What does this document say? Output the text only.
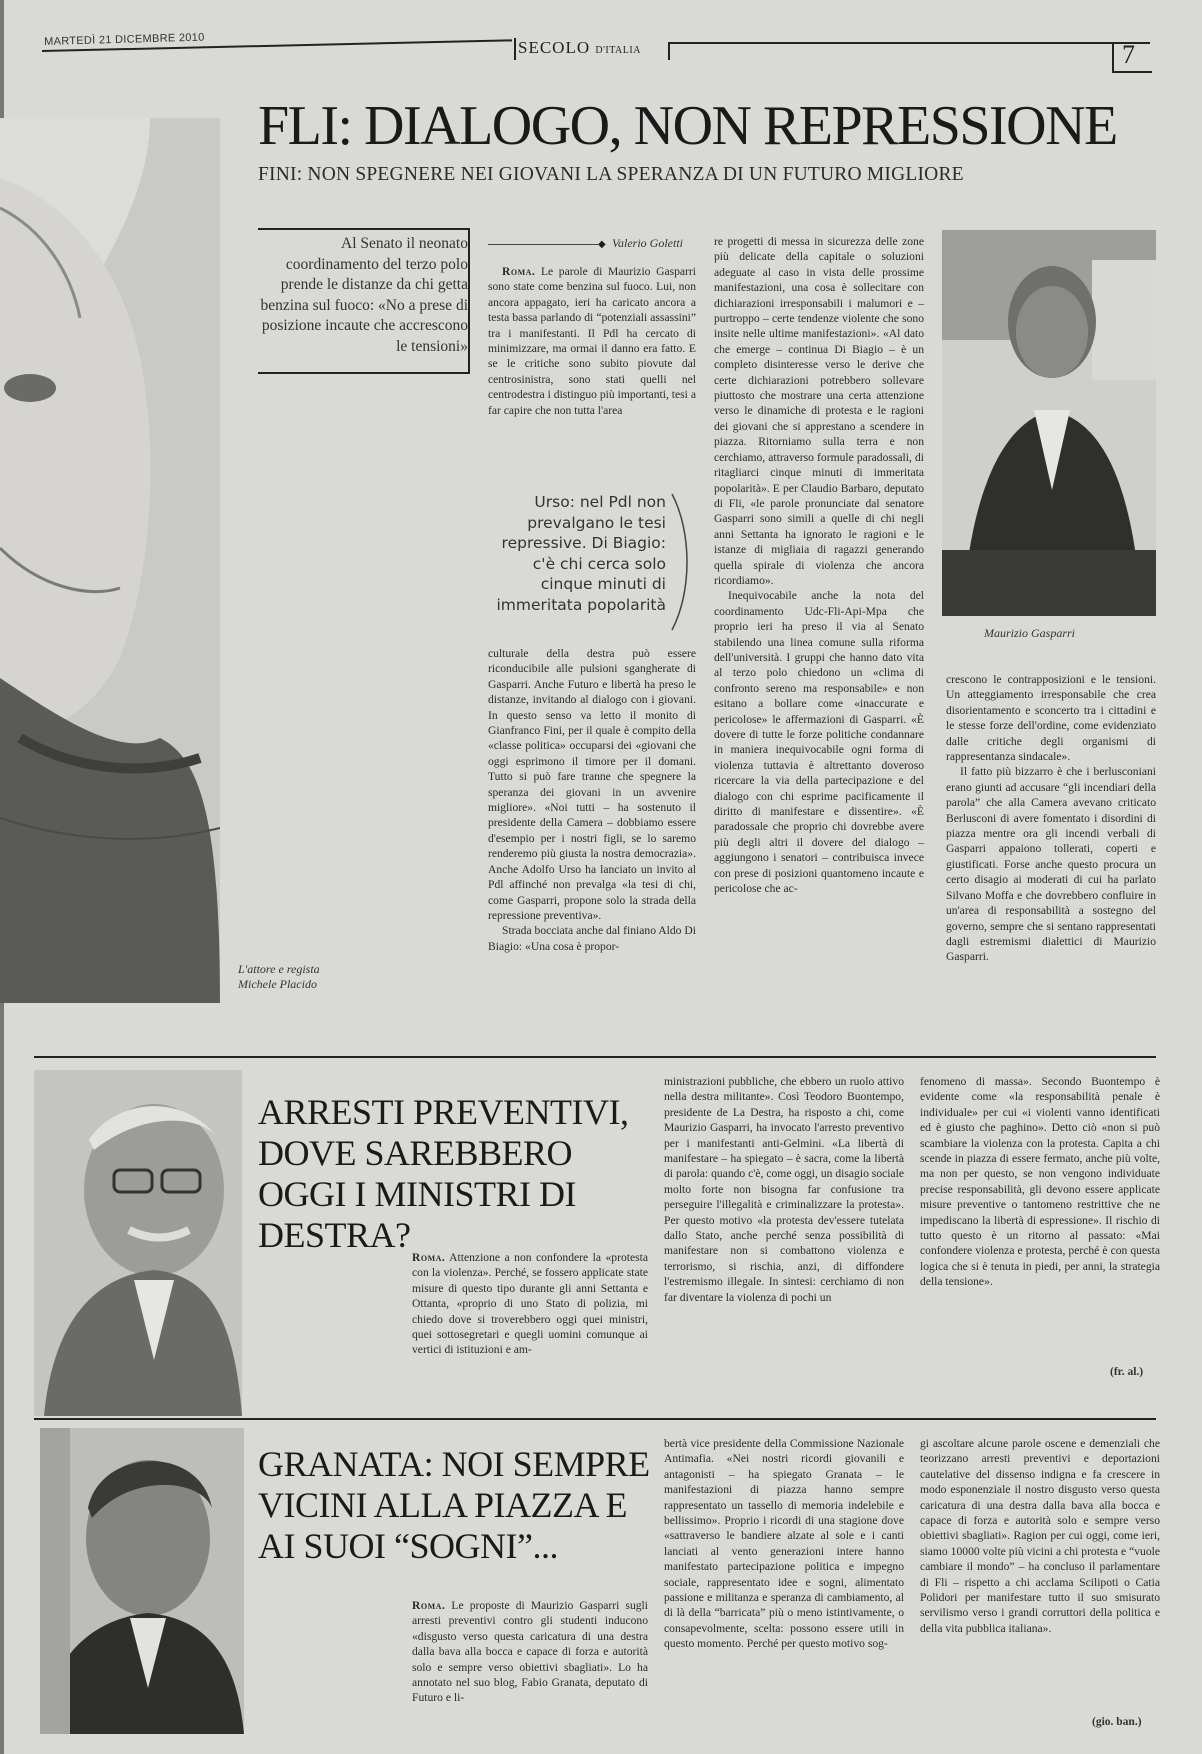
MARTEDÌ 21 DICEMBRE 2010	SECOLO D'ITALIA	7
FLI: DIALOGO, NON REPRESSIONE
FINI: NON SPEGNERE NEI GIOVANI LA SPERANZA DI UN FUTURO MIGLIORE
Al Senato il neonato coordinamento del terzo polo prende le distanze da chi getta benzina sul fuoco: «No a prese di posizione incaute che accrescono le tensioni»
◆ Valerio Goletti

Roma. Le parole di Maurizio Gasparri sono state come benzina sul fuoco. Lui, non ancora appagato, ieri ha caricato ancora a testa bassa parlando di “potenziali assassini” tra i manifestanti. Il Pdl ha cercato di minimizzare, ma ormai il danno era fatto. E se le critiche sono subito piovute dal centrosinistra, sono stati quelli nel centrodestra i distinguo più importanti, tesi a far capire che non tutta l'area

Urso: nel Pdl non prevalgano le tesi repressive. Di Biagio: c'è chi cerca solo cinque minuti di immeritata popolarità

culturale della destra può essere riconducibile alle pulsioni sgangherate di Gasparri. Anche Futuro e libertà ha preso le distanze, invitando al dialogo con i giovani. In questo senso va letto il monito di Gianfranco Fini, per il quale è compito della «classe politica» occuparsi dei «giovani che oggi esprimono il timore per il domani. Tutto si può fare tranne che spegnere la speranza dei giovani in un avvenire migliore». «Noi tutti – ha sostenuto il presidente della Camera – dobbiamo essere d'esempio per i nostri figli, se lo saremo renderemo più giusta la nostra democrazia». Anche Adolfo Urso ha lanciato un invito al Pdl affinché non prevalga «la tesi di chi, come Gasparri, propone solo la strada della repressione preventiva».

Strada bocciata anche dal finiano Aldo Di Biagio: «Una cosa è propor-

re progetti di messa in sicurezza delle zone più delicate della capitale o soluzioni adeguate al caso in vista delle prossime manifestazioni, una cosa è sollecitare con dichiarazioni irresponsabili i malumori e – purtroppo – certe tendenze violente che sono insite nelle ultime manifestazioni». «Al dato che emerge – continua Di Biagio – è un completo disinteresse verso le derive che certe dichiarazioni potrebbero sollevare piuttosto che mostrare una certa attenzione verso le dinamiche di protesta e le ragioni dei giovani che si apprestano a scendere in piazza. Ritorniamo sulla terra e non cerchiamo, attraverso formule paradossali, di ritagliarci cinque minuti di immeritata popolarità». E per Claudio Barbaro, deputato di Fli, «le parole pronunciate dal senatore Gasparri sono simili a quelle di chi negli anni Settanta ha ignorato le ragioni e le istanze di migliaia di ragazzi generando quella spirale di violenza che ancora ricordiamo».

Inequivocabile anche la nota del coordinamento Udc-Fli-Api-Mpa che proprio ieri ha preso il via al Senato stabilendo una linea comune sulla riforma dell'università. I gruppi che hanno dato vita al terzo polo chiedono un «clima di confronto sereno ma responsabile» e non esitano a bollare come «inaccurate e pericolose» le affermazioni di Gasparri. «È dovere di tutte le forze politiche condannare in maniera inequivocabile ogni forma di violenza tuttavia è altrettanto doveroso ricercare la via della partecipazione e del dialogo con chi esprime pacificamente il diritto di manifestare e dissentire». «È paradossale che proprio chi dovrebbe avere più degli altri il dovere del dialogo – aggiungono i senatori – contribuisca invece con prese di posizioni quantomeno incaute e pericolose che ac-

Maurizio Gasparri

crescono le contrapposizioni e le tensioni. Un atteggiamento irresponsabile che crea disorientamento e sconcerto tra i cittadini e le stesse forze dell'ordine, come evidenziato dalle critiche degli organismi di rappresentanza sindacale».

Il fatto più bizzarro è che i berlusconiani erano giunti ad accusare “gli incendiari della parola” che alla Camera avevano criticato Berlusconi di avere fomentato i disordini di piazza mentre ora gli incendi verbali di Gasparri appaiono tollerati, coperti e giustificati. Forse anche questo procura un certo disagio ai moderati di cui ha parlato Silvano Moffa e che dovrebbero confluire in un'area di responsabilità a sostegno del governo, sempre che si sentano rappresentati dagli estremismi dialettici di Maurizio Gasparri.

L'attore e regista Michele Placido
ARRESTI PREVENTIVI, DOVE SAREBBERO OGGI I MINISTRI DI DESTRA?

Roma. Attenzione a non confondere la «protesta con la violenza». Perché, se fossero applicate state misure di questo tipo durante gli anni Settanta e Ottanta, «proprio di uno Stato di polizia, mi chiedo dove si troverebbero oggi quei ministri, quei sottosegretari e quegli uomini comunque ai vertici di istituzioni e am-

ministrazioni pubbliche, che ebbero un ruolo attivo nella destra militante». Così Teodoro Buontempo, presidente de La Destra, ha risposto a chi, come Maurizio Gasparri, ha invocato l'arresto preventivo per i manifestanti anti-Gelmini. «La libertà di manifestare – ha spiegato – è sacra, come la libertà di parola: quando c'è, come oggi, un disagio sociale molto forte non bisogna far confusione tra perseguire l'illegalità e criminalizzare la protesta». Per questo motivo «la protesta dev'essere tutelata dallo Stato, anche perché senza possibilità di manifestare non si combattono violenza e terrorismo, si rischia, anzi, di diffondere l'estremismo illegale. In sintesi: cerchiamo di non far diventare la violenza di pochi un

fenomeno di massa». Secondo Buontempo è evidente come «la responsabilità penale è individuale» per cui «i violenti vanno identificati ed è giusto che paghino». Detto ciò «non si può scambiare la violenza con la protesta. Capita a chi scende in piazza di essere fermato, anche più volte, ma non per questo, se non vengono individuate precise responsabilità, gli devono essere applicate misure preventive o tantomeno restrittive che ne impediscano la libertà di espressione». Il rischio di tutto questo è un ritorno al passato: «Mai confondere violenza e protesta, perché è con questa logica che si è tenuta in piedi, per anni, la strategia della tensione».

(fr. al.)
GRANATA: NOI SEMPRE VICINI ALLA PIAZZA E AI SUOI “SOGNI”...

Roma. Le proposte di Maurizio Gasparri sugli arresti preventivi contro gli studenti inducono «disgusto verso questa caricatura di una destra dalla bava alla bocca e capace di forza e autorità solo e sempre verso obiettivi sbagliati». Lo ha annotato nel suo blog, Fabio Granata, deputato di Futuro e li-

bertà vice presidente della Commissione Nazionale Antimafia. «Nei nostri ricordi giovanili e antagonisti – ha spiegato Granata – le manifestazioni di piazza hanno sempre rappresentato un tassello di memoria indelebile e bellissimo». Proprio i ricordi di una stagione dove «sattraverso le bandiere alzate al sole e i canti lanciati al vento generazioni intere hanno manifestato partecipazione politica e impegno sociale, rappresentato idee e sogni, alimentato passione e militanza e speranza di cambiamento, al di là della “barricata” più o meno istintivamente, o consapevolmente, scelta: possono essere utili in questo momento. Perché per questo motivo sog-

gi ascoltare alcune parole oscene e demenziali che teorizzano arresti preventivi e deportazioni cautelative del dissenso indigna e fa crescere in modo esponenziale il nostro disgusto verso questa caricatura di una destra dalla bava alla bocca e capace di forza e autorità solo e sempre verso obiettivi sbagliati». Ragion per cui oggi, come ieri, siamo 10000 volte più vicini a chi protesta e “vuole cambiare il mondo” – ha concluso il parlamentare di Fli – rispetto a chi acclama Scilipoti o Catia Polidori per manifestare tutto il suo smisurato servilismo verso i grandi corruttori della politica e della vita pubblica italiana».

(gio. ban.)
